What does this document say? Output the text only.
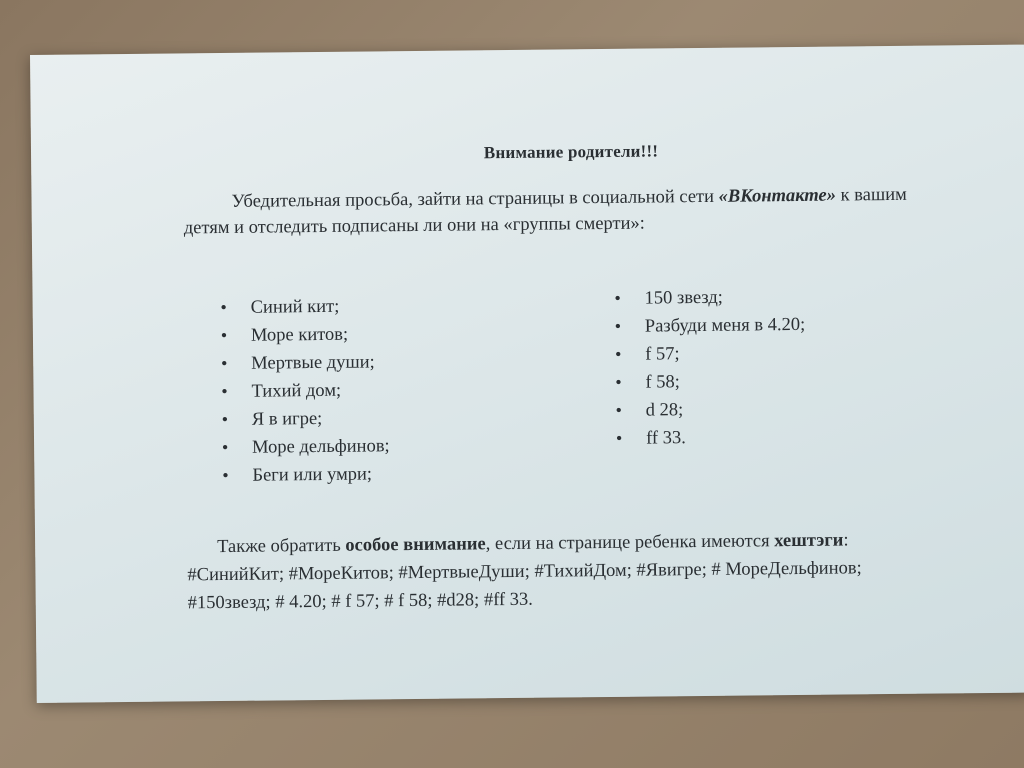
Внимание родители!!!
Убедительная просьба, зайти на страницы в социальной сети «ВКонтакте» к вашим детям и отследить подписаны ли они на «группы смерти»:
● Синий кит;
● Море китов;
● Мертвые души;
● Тихий дом;
● Я в игре;
● Море дельфинов;
● Беги или умри;
● 150 звезд;
● Разбуди меня в 4.20;
● f 57;
● f 58;
● d 28;
● ff 33.
Также обратить особое внимание, если на странице ребенка имеются хештэги: #СинийКит; #МореКитов; #МертвыеДуши; #ТихийДом; #Явигре; # МореДельфинов; #150звезд; # 4.20; # f 57; # f 58; #d28; #ff 33.
